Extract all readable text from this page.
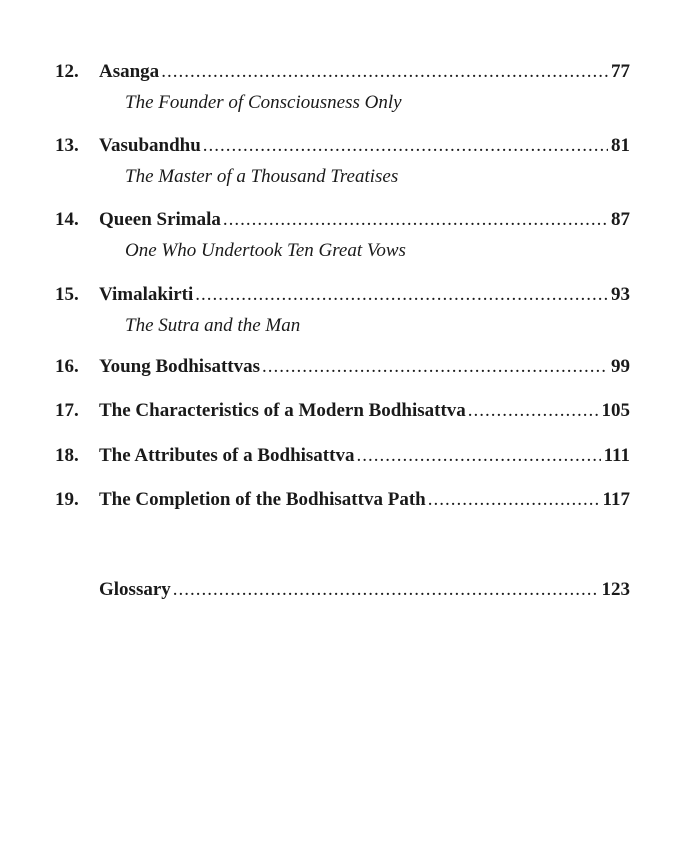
12.	Asanga .....	77
The Founder of Consciousness Only
13.	Vasubandhu .....	81
The Master of a Thousand Treatises
14.	Queen Srimala .....	87
One Who Undertook Ten Great Vows
15.	Vimalakirti .....	93
The Sutra and the Man
16.	Young Bodhisattvas .....	99
17.	The Characteristics of a Modern Bodhisattva .....	105
18.	The Attributes of a Bodhisattva .....	111
19.	The Completion of the Bodhisattva Path .....	117
Glossary .....	123
